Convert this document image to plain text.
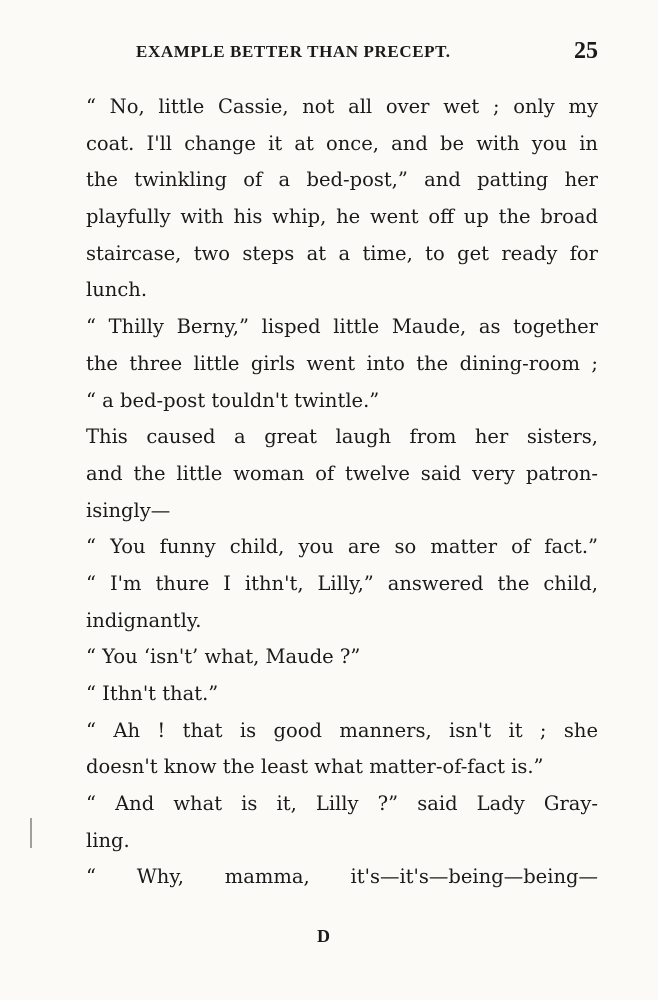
EXAMPLE BETTER THAN PRECEPT.	25
“ No, little Cassie, not all over wet ; only my
coat. I'll change it at once, and be with you in
the twinkling of a bed-post,” and patting her
playfully with his whip, he went off up the broad
staircase, two steps at a time, to get ready for
lunch.
“ Thilly Berny,” lisped little Maude, as together
the three little girls went into the dining-room ;
“ a bed-post touldn't twintle.”
This caused a great laugh from her sisters,
and the little woman of twelve said very patron-
isingly—
“ You funny child, you are so matter of fact.”
“ I'm thure I ithn't, Lilly,” answered the child,
indignantly.
“ You ‘isn't’ what, Maude ?”
“ Ithn't that.”
“ Ah ! that is good manners, isn't it ; she
doesn't know the least what matter-of-fact is.”
“ And what is it, Lilly ?” said Lady Gray-
ling.
“ Why, mamma, it's—it's—being—being—
D
